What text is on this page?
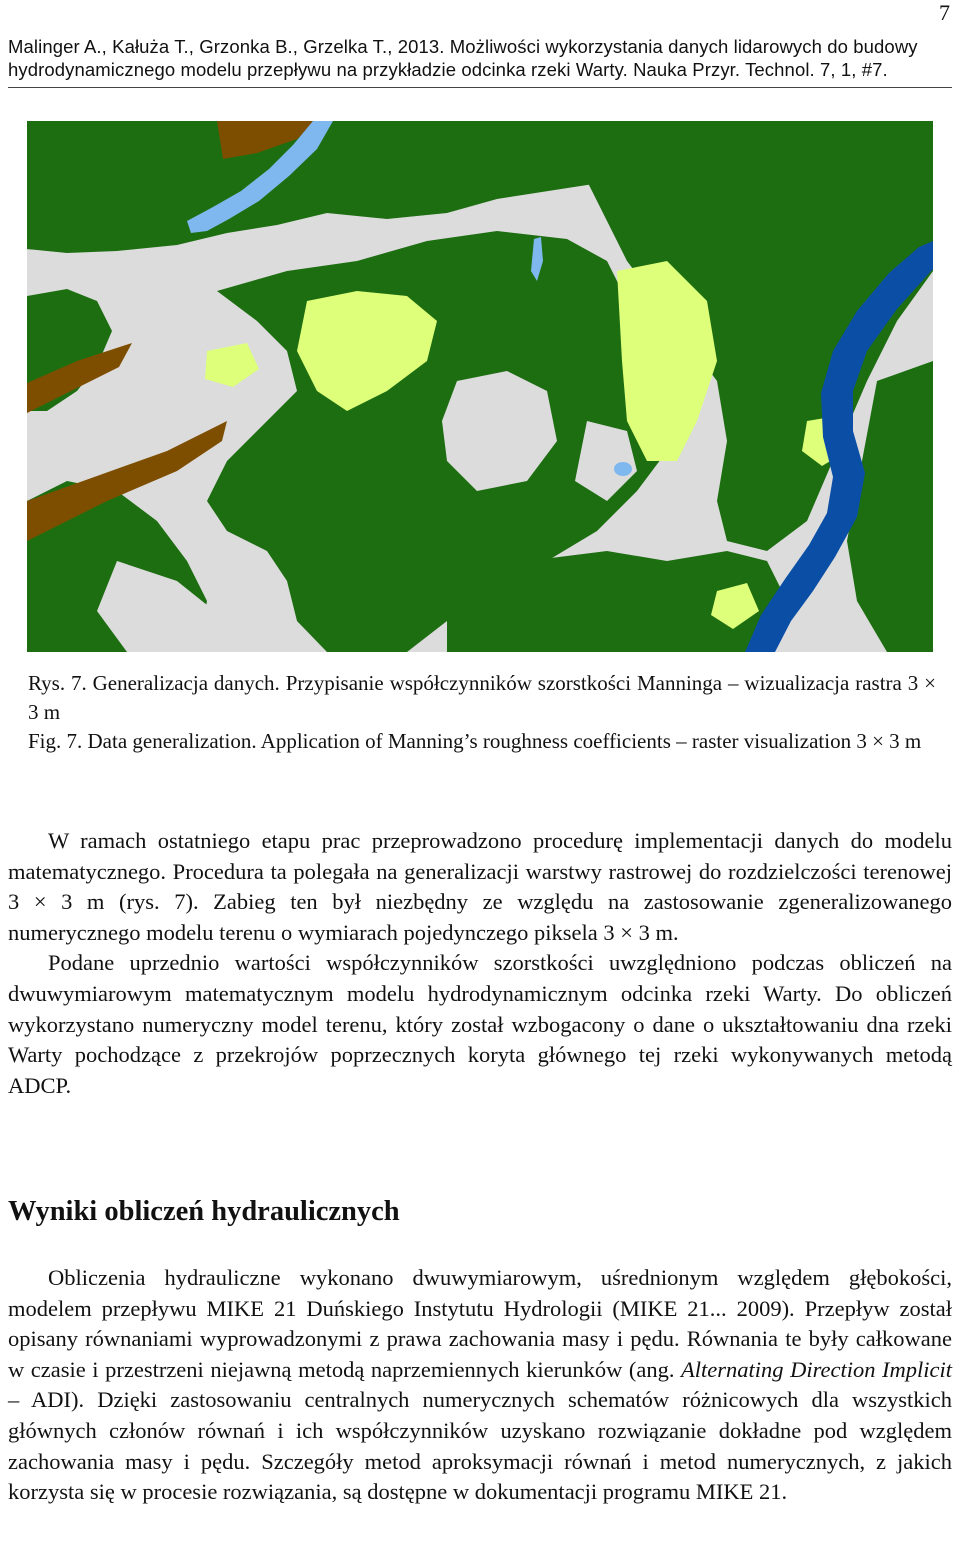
7
Malinger A., Kałuża T., Grzonka B., Grzelka T., 2013. Możliwości wykorzystania danych lidarowych do budowy hydrodynamicznego modelu przepływu na przykładzie odcinka rzeki Warty. Nauka Przyr. Technol. 7, 1, #7.

Rys. 7. Generalizacja danych. Przypisanie współczynników szorstkości Manninga – wizualizacja rastra 3 × 3 m

Fig. 7. Data generalization. Application of Manning’s roughness coefficients – raster visualization 3 × 3 m

W ramach ostatniego etapu prac przeprowadzono procedurę implementacji danych do modelu matematycznego. Procedura ta polegała na generalizacji warstwy rastrowej do rozdzielczości terenowej 3 × 3 m (rys. 7). Zabieg ten był niezbędny ze względu na zastosowanie zgeneralizowanego numerycznego modelu terenu o wymiarach pojedynczego piksela 3 × 3 m.

Podane uprzednio wartości współczynników szorstkości uwzględniono podczas obliczeń na dwuwymiarowym matematycznym modelu hydrodynamicznym odcinka rzeki Warty. Do obliczeń wykorzystano numeryczny model terenu, który został wzbogacony o dane o ukształtowaniu dna rzeki Warty pochodzące z przekrojów poprzecznych koryta głównego tej rzeki wykonywanych metodą ADCP.

Wyniki obliczeń hydraulicznych

Obliczenia hydrauliczne wykonano dwuwymiarowym, uśrednionym względem głębokości, modelem przepływu MIKE 21 Duńskiego Instytutu Hydrologii (MIKE 21... 2009). Przepływ został opisany równaniami wyprowadzonymi z prawa zachowania masy i pędu. Równania te były całkowane w czasie i przestrzeni niejawną metodą naprzemiennych kierunków (ang. Alternating Direction Implicit – ADI). Dzięki zastosowaniu centralnych numerycznych schematów różnicowych dla wszystkich głównych członów równań i ich współczynników uzyskano rozwiązanie dokładne pod względem zachowania masy i pędu. Szczegóły metod aproksymacji równań i metod numerycznych, z jakich korzysta się w procesie rozwiązania, są dostępne w dokumentacji programu MIKE 21.
